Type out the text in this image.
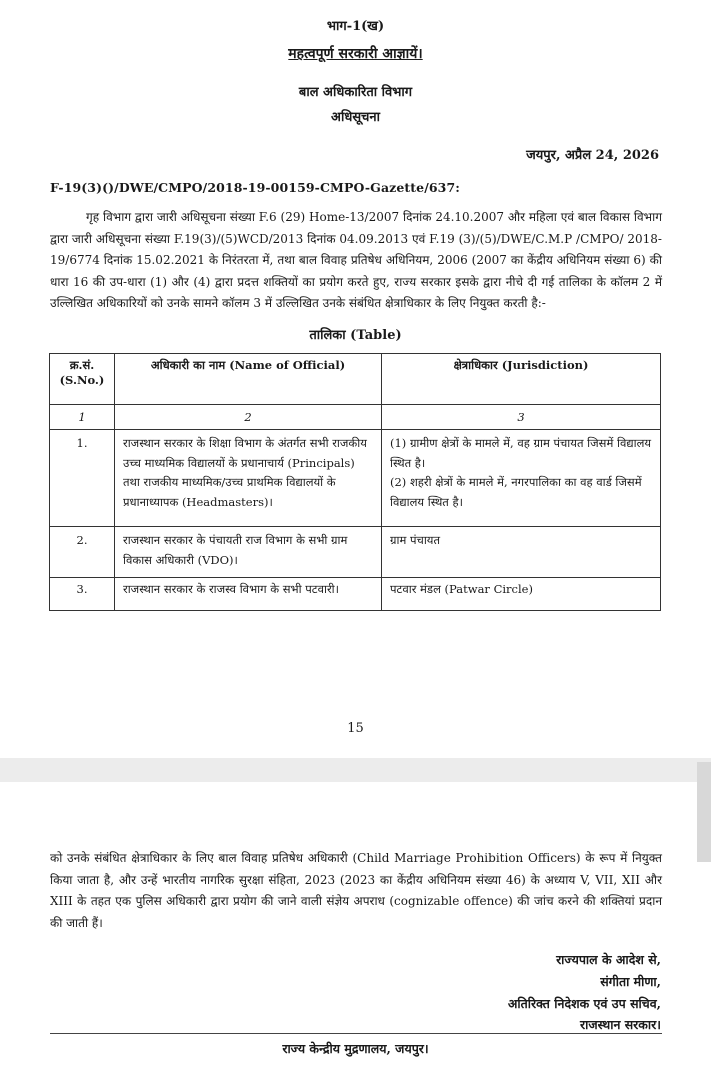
भाग-1(ख)
महत्वपूर्ण सरकारी आज्ञायें।
बाल अधिकारिता विभाग
अधिसूचना
जयपुर, अप्रैल 24, 2026
F-19(3)()/DWE/CMPO/2018-19-00159-CMPO-Gazette/637:
गृह विभाग द्वारा जारी अधिसूचना संख्या F.6 (29) Home-13/2007 दिनांक 24.10.2007 और महिला एवं बाल विकास विभाग द्वारा जारी अधिसूचना संख्या F.19(3)/(5)WCD/2013 दिनांक 04.09.2013 एवं F.19 (3)/(5)/DWE/C.M.P /CMPO/ 2018-19/6774 दिनांक 15.02.2021 के निरंतरता में, तथा बाल विवाह प्रतिषेध अधिनियम, 2006 (2007 का केंद्रीय अधिनियम संख्या 6) की धारा 16 की उप-धारा (1) और (4) द्वारा प्रदत्त शक्तियों का प्रयोग करते हुए, राज्य सरकार इसके द्वारा नीचे दी गई तालिका के कॉलम 2 में उल्लिखित अधिकारियों को उनके सामने कॉलम 3 में उल्लिखित उनके संबंधित क्षेत्राधिकार के लिए नियुक्त करती है:-
तालिका (Table)
क्र.सं. (S.No.)	अधिकारी का नाम (Name of Official)	क्षेत्राधिकार (Jurisdiction)
1	2	3
1.	राजस्थान सरकार के शिक्षा विभाग के अंतर्गत सभी राजकीय उच्च माध्यमिक विद्यालयों के प्रधानाचार्य (Principals) तथा राजकीय माध्यमिक/उच्च प्राथमिक विद्यालयों के प्रधानाध्यापक (Headmasters)।	(1) ग्रामीण क्षेत्रों के मामले में, वह ग्राम पंचायत जिसमें विद्यालय स्थित है।
(2) शहरी क्षेत्रों के मामले में, नगरपालिका का वह वार्ड जिसमें विद्यालय स्थित है।

2.	राजस्थान सरकार के पंचायती राज विभाग के सभी ग्राम विकास अधिकारी (VDO)।	ग्राम पंचायत
3.	राजस्थान सरकार के राजस्व विभाग के सभी पटवारी।	पटवार मंडल (Patwar Circle)
15
को उनके संबंधित क्षेत्राधिकार के लिए बाल विवाह प्रतिषेध अधिकारी (Child Marriage Prohibition Officers) के रूप में नियुक्त किया जाता है, और उन्हें भारतीय नागरिक सुरक्षा संहिता, 2023 (2023 का केंद्रीय अधिनियम संख्या 46) के अध्याय V, VII, XII और XIII के तहत एक पुलिस अधिकारी द्वारा प्रयोग की जाने वाली संज्ञेय अपराध (cognizable offence) की जांच करने की शक्तियां प्रदान की जाती हैं।
राज्यपाल के आदेश से,
संगीता मीणा,
अतिरिक्त निदेशक एवं उप सचिव,
राजस्थान सरकार।
राज्य केन्द्रीय मुद्रणालय, जयपुर।
